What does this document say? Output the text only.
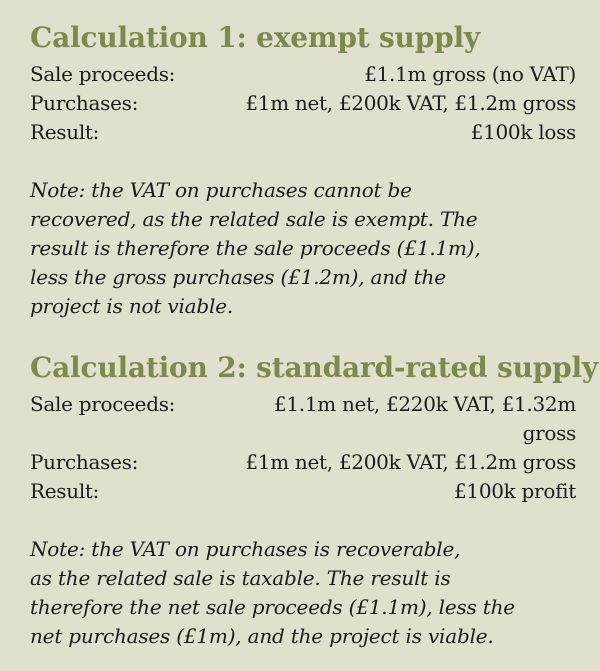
Calculation 1: exempt supply
Sale proceeds:	£1.1m gross (no VAT)
Purchases:	£1m net, £200k VAT, £1.2m gross
Result:	£100k loss

Note: the VAT on purchases cannot be
recovered, as the related sale is exempt. The
result is therefore the sale proceeds (£1.1m),
less the gross purchases (£1.2m), and the
project is not viable.

Calculation 2: standard-rated supply
Sale proceeds:	£1.1m net, £220k VAT, £1.32m gross
Purchases:	£1m net, £200k VAT, £1.2m gross
Result:	£100k profit

Note: the VAT on purchases is recoverable,
as the related sale is taxable. The result is
therefore the net sale proceeds (£1.1m), less the
net purchases (£1m), and the project is viable.
